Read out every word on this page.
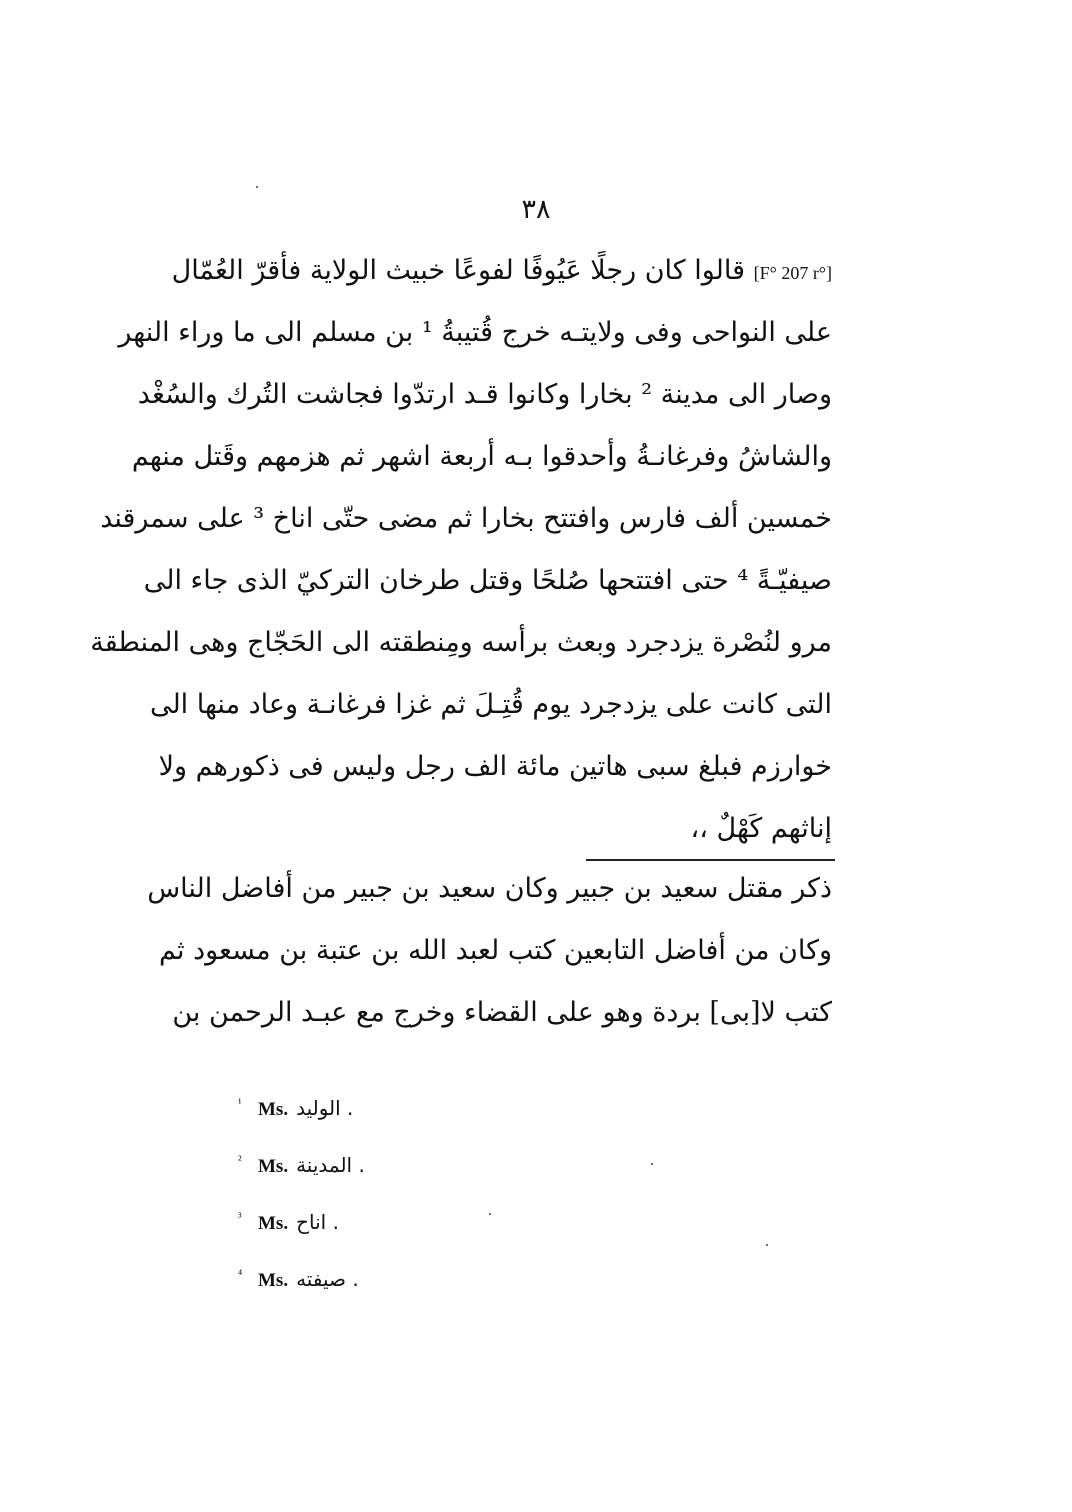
٣٨
[F° 207 r°] قالوا كان رجلًا عَيُوفًا لفوعًا خبيث الولاية فأقرّ العُمّال
على النواحى وفى ولايتـه خرج قُتيبةُ ¹ بن مسلم الى ما وراء النهر
وصار الى مدينة ² بخارا وكانوا قـد ارتدّوا فجاشت التُرك والسُغْد
والشاشُ وفرغانـةُ وأحدقوا بـه أربعة اشهر ثم هزمهم وقَتل منهم
خمسين ألف فارس وافتتح بخارا ثم مضى حتّى اناخ ³ على سمرقند
صيفيّـةً ⁴ حتى افتتحها صُلحًا وقتل طرخان التركيّ الذى جاء الى
مرو لنُصْرة يزدجرد وبعث برأسه ومِنطقته الى الحَجّاج وهى المنطقة
التى كانت على يزدجرد يوم قُتِـلَ ثم غزا فرغانـة وعاد منها الى
خوارزم فبلغ سبى هاتين مائة الف رجل وليس فى ذكورهم ولا
إناثهم كَهْلٌ ،،
ذكر مقتل سعيد بن جبير وكان سعيد بن جبير من أفاضل الناس
وكان من أفاضل التابعين كتب لعبد الله بن عتبة بن مسعود ثم
كتب لا[بى] بردة وهو على القضاء وخرج مع عبـد الرحمن بن
¹ Ms. الوليد .
² Ms. المدينة .
³ Ms. اناح .
⁴ Ms. صيفته .
